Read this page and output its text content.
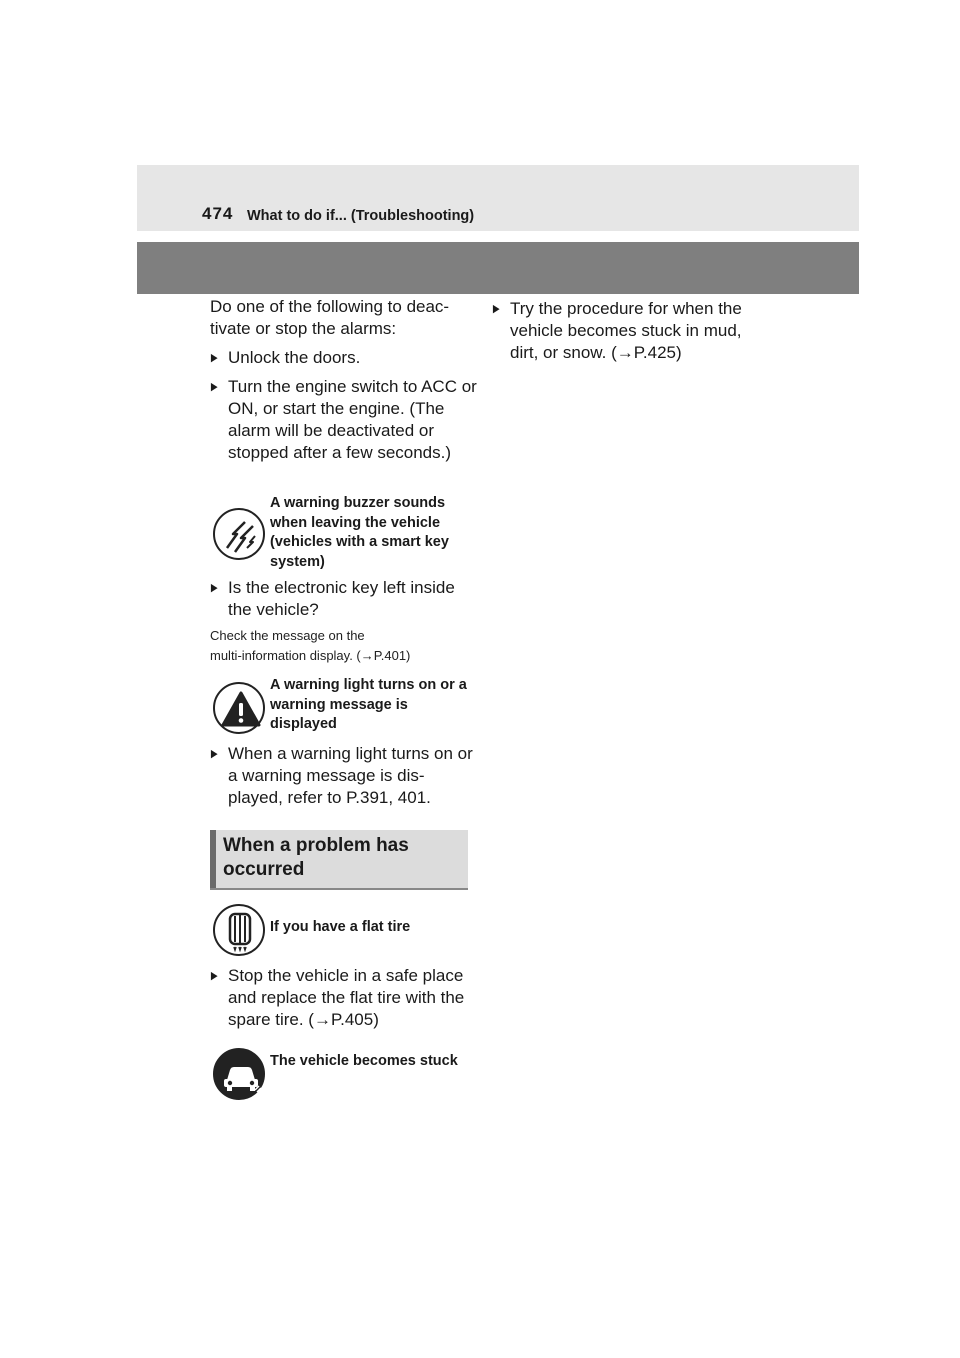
474 What to do if... (Troubleshooting)
Do one of the following to deac-tivate or stop the alarms:
▶ Unlock the doors.
▶ Turn the engine switch to ACC or ON, or start the engine. (The alarm will be deactivated or stopped after a few seconds.)
A warning buzzer sounds when leaving the vehicle (vehicles with a smart key system)
▶ Is the electronic key left inside the vehicle?
Check the message on the
multi-information display. (→P.401)
A warning light turns on or a warning message is displayed
▶ When a warning light turns on or a warning message is dis-played, refer to P.391, 401.
When a problem has occurred
If you have a flat tire
▶ Stop the vehicle in a safe place and replace the flat tire with the spare tire. (→P.405)
The vehicle becomes stuck
▶ Try the procedure for when the vehicle becomes stuck in mud, dirt, or snow. (→P.425)
